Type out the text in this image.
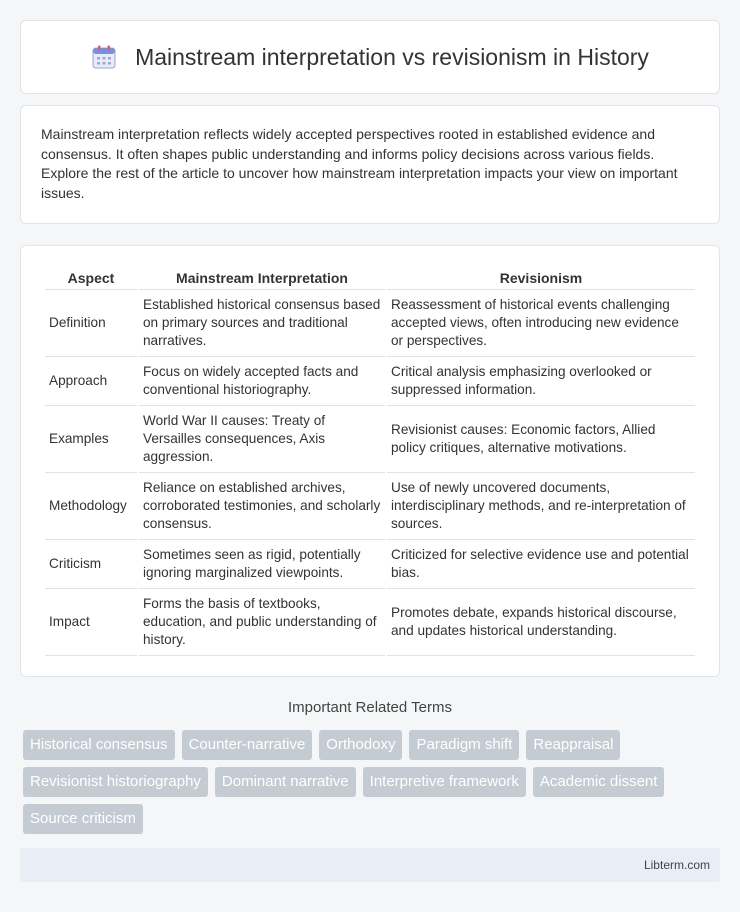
Mainstream interpretation vs revisionism in History

Mainstream interpretation reflects widely accepted perspectives rooted in established evidence and consensus. It often shapes public understanding and informs policy decisions across various fields. Explore the rest of the article to uncover how mainstream interpretation impacts your view on important issues.

Aspect	Mainstream Interpretation	Revisionism
Definition	Established historical consensus based on primary sources and traditional narratives.	Reassessment of historical events challenging accepted views, often introducing new evidence or perspectives.
Approach	Focus on widely accepted facts and conventional historiography.	Critical analysis emphasizing overlooked or suppressed information.
Examples	World War II causes: Treaty of Versailles consequences, Axis aggression.	Revisionist causes: Economic factors, Allied policy critiques, alternative motivations.
Methodology	Reliance on established archives, corroborated testimonies, and scholarly consensus.	Use of newly uncovered documents, interdisciplinary methods, and re-interpretation of sources.
Criticism	Sometimes seen as rigid, potentially ignoring marginalized viewpoints.	Criticized for selective evidence use and potential bias.
Impact	Forms the basis of textbooks, education, and public understanding of history.	Promotes debate, expands historical discourse, and updates historical understanding.
Important Related Terms
Historical consensus	Counter-narrative	Orthodoxy	Paradigm shift	Reappraisal
Revisionist historiography	Dominant narrative	Interpretive framework	Academic dissent
Source criticism
Libterm.com
